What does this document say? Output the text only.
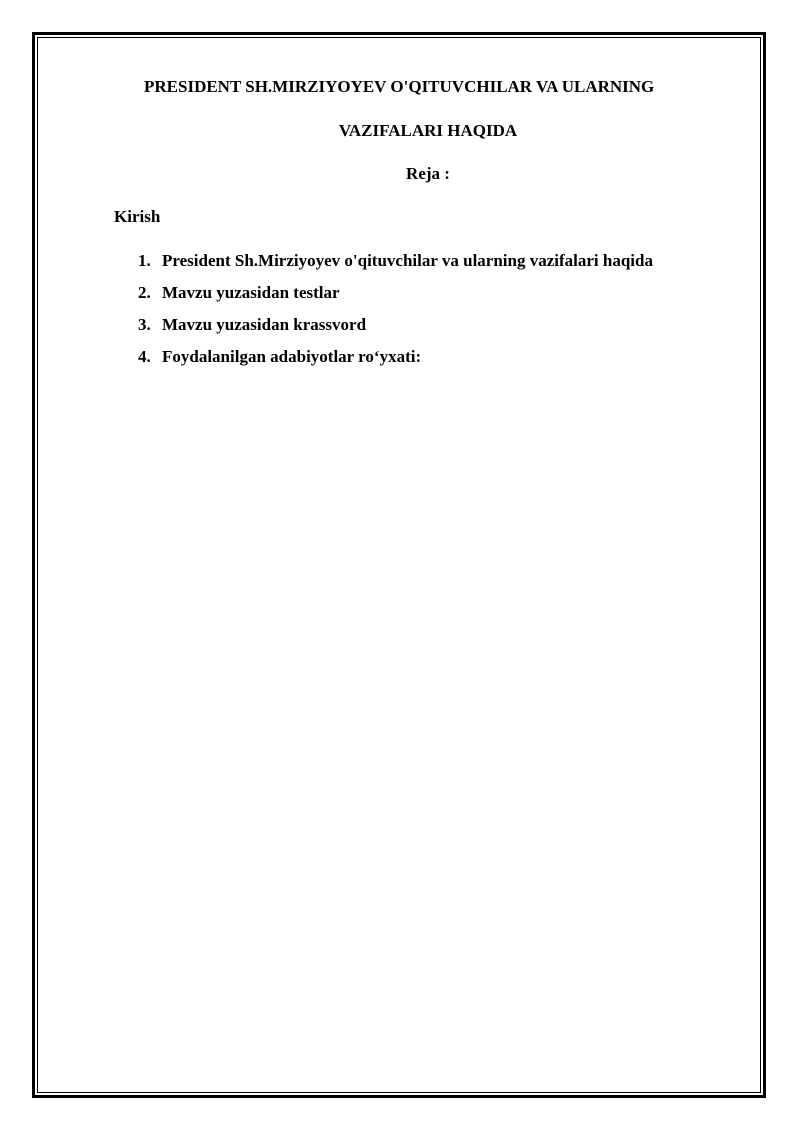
PRESIDENT SH.MIRZIYOYEV O'QITUVCHILAR VA ULARNING
VAZIFALARI HAQIDA
Reja :
Kirish
1. President Sh.Mirziyoyev o'qituvchilar va ularning vazifalari haqida
2. Mavzu yuzasidan testlar
3. Mavzu yuzasidan krassvord
4. Foydalanilgan adabiyotlar ro‘yxati:
